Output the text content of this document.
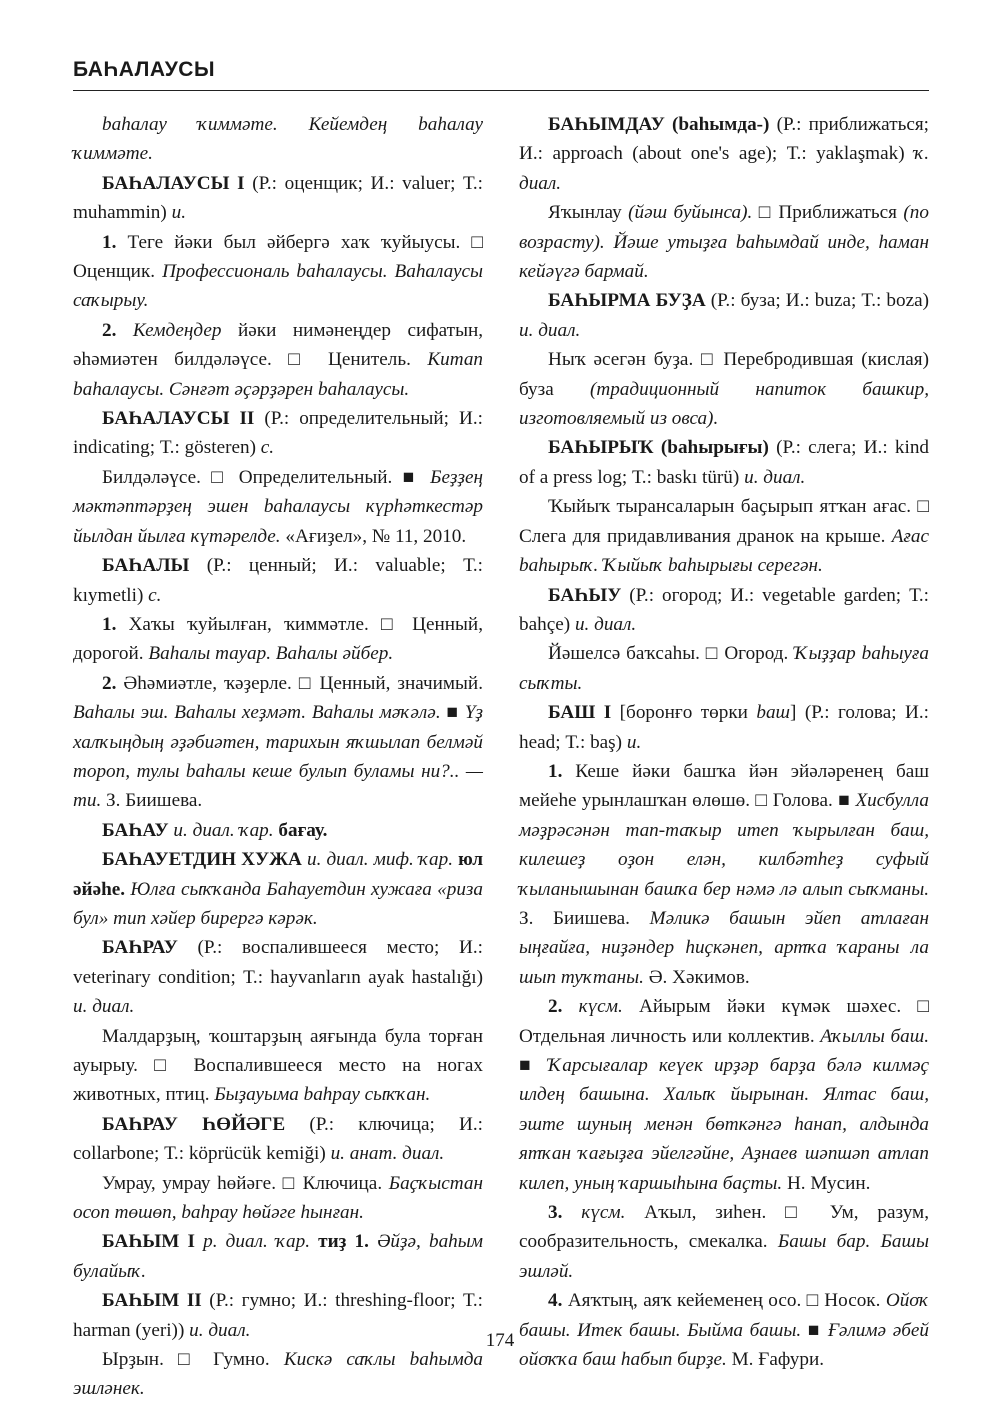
БАҺАЛАУСЫ

baһалау ҡиммәте. Кейемдең baһалау ҡиммәте.

БАҺАЛАУСЫ I (Р.: оценщик; И.: valuer; Т.: muhammin) и.

1. Теге йәки был әйбергә хаҡ ҡуйыусы. □ Оценщик. Профессиональ baһалаусы. Baһалаусы саҡырыу.

2. Кемдеңдер йәки нимәнеңдер сифатын, әһәмиәтен билдәләүсе. □ Ценитель. Китап baһалаусы. Сәнғәт әҫәрҙәрен baһалаусы.

БАҺАЛАУСЫ II (Р.: определительный; И.: indicating; Т.: gösteren) с.

Билдәләүсе. □ Определительный. ■ Беҙҙең мәктәптәрҙең эшен baһалаусы күрһәткестәр йылдан йылға күтәрелде. «Ағиҙел», № 11, 2010.

БАҺАЛЫ (Р.: ценный; И.: valuable; Т.: kıymetli) с.

1. Хаҡы ҡуйылған, ҡиммәтле. □ Ценный, дорогой. Baһалы тауар. Baһалы әйбер.

2. Әһәмиәтле, ҡәҙерле. □ Ценный, значимый. Baһалы эш. Baһалы хеҙмәт. Baһалы мәҡәлә. ■ Үҙ халҡыңдың әҙәбиәтен, тарихын яҡшылап белмәй тороп, тулы baһалы кеше булып буламы ни?.. — ти. З. Биишева.

БАҺАУ и. диал. ҡар. бағау.

БАҺАУЕТДИН ХУЖА и. диал. миф. ҡар. юл әйәһе. Юлға сыҡҡанда Баһауетдин хужаға «риза бул» тип хәйер бирергә кәрәк.

БАҺРАУ (Р.: воспалившееся место; И.: veterinary condition; Т.: hayvanların ayak hastalığı) и. диал.

Малдарҙың, ҡоштарҙың аяғында була торған ауырыу. □ Воспалившееся место на ногах животных, птиц. Быҙауыма baһрау сыҡҡан.

БАҺРАУ ҺӨЙӘГЕ (Р.: ключица; И.: collarbone; Т.: köprücük kemiği) и. анат. диал.

Умрау, умрау һөйәге. □ Ключица. Баҫҡыстан осоп төшөп, baһрау һөйәге һынған.

БАҺЫМ I р. диал. ҡар. тиҙ 1. Әйҙә, baһым булайыҡ.

БАҺЫМ II (Р.: гумно; И.: threshing-floor; Т.: harman (yeri)) и. диал.

Ырҙын. □ Гумно. Кискә саҡлы baһымда эшләнек.

БАҺЫМДАУ (baһымда-) (Р.: приближаться; И.: approach (about one's age); Т.: yaklaşmak) ҡ. диал.

Яҡынлау (йәш буйынса). □ Приближаться (по возрасту). Йәше утыҙға baһымдай инде, һаман кейәүгә бармай.

БАҺЫРМА БУҘА (Р.: буза; И.: buza; Т.: boza) и. диал.

Ныҡ әсегән буҙа. □ Перебродившая (кислая) буза (традиционный напиток башкир, изготовляемый из овса).

БАҺЫРЫҠ (baһырығы) (Р.: слега; И.: kind of a press log; Т.: baskı türü) и. диал.

Ҡыйыҡ тырансаларын баҫырып ятҡан ағас. □ Слега для придавливания дранок на крыше. Ағас baһырыҡ. Ҡыйыҡ baһырығы серегән.

БАҺЫУ (Р.: огород; И.: vegetable garden; Т.: bahçe) и. диал.

Йәшелсә баҡсаһы. □ Огород. Ҡыҙҙар baһыуға сыҡты.

БАШ I [боронғо төрки baш] (Р.: голова; И.: head; Т.: baş) и.

1. Кеше йәки башҡа йән эйәләренең баш мейеһе урынлашҡан өлөшө. □ Голова. ■ Хисбулла мәҙрәсәнән тап-таҡыр итеп ҡырылған баш, килешеҙ оҙон елән, килбәтһеҙ суфый ҡыланышынан башҡа бер нәмә лә алып сыҡманы. З. Биишева. Мәликә башын эйеп атлаған ыңғайға, ниҙәндер һиҫкәнеп, артҡа ҡараны ла шып туҡтаны. Ә. Хәкимов.

2. күсм. Айырым йәки күмәк шәхес. □ Отдельная личность или коллектив. Аҡыллы баш. ■ Ҡарсығалар кеүек ирҙәр барҙа бәлә килмәҫ илдең башына. Халыҡ йырынан. Ялтас баш, эште шуның менән бөткәнгә һанап, алдында ятҡан ҡағыҙға эйелгәйне, Аҙнаев шәпшәп атлап килеп, уның ҡаршыһына баҫты. Н. Мусин.

3. күсм. Аҡыл, зиһен. □ Ум, разум, сообразительность, смекалка. Башы бар. Башы эшләй.

4. Аяҡтың, аяҡ кейеменең осо. □ Носок. Ойоҡ башы. Итек башы. Быйма башы. ■ Ғәлимә әбей ойоҡҡа баш һабып бирҙе. М. Ғафури.

174
